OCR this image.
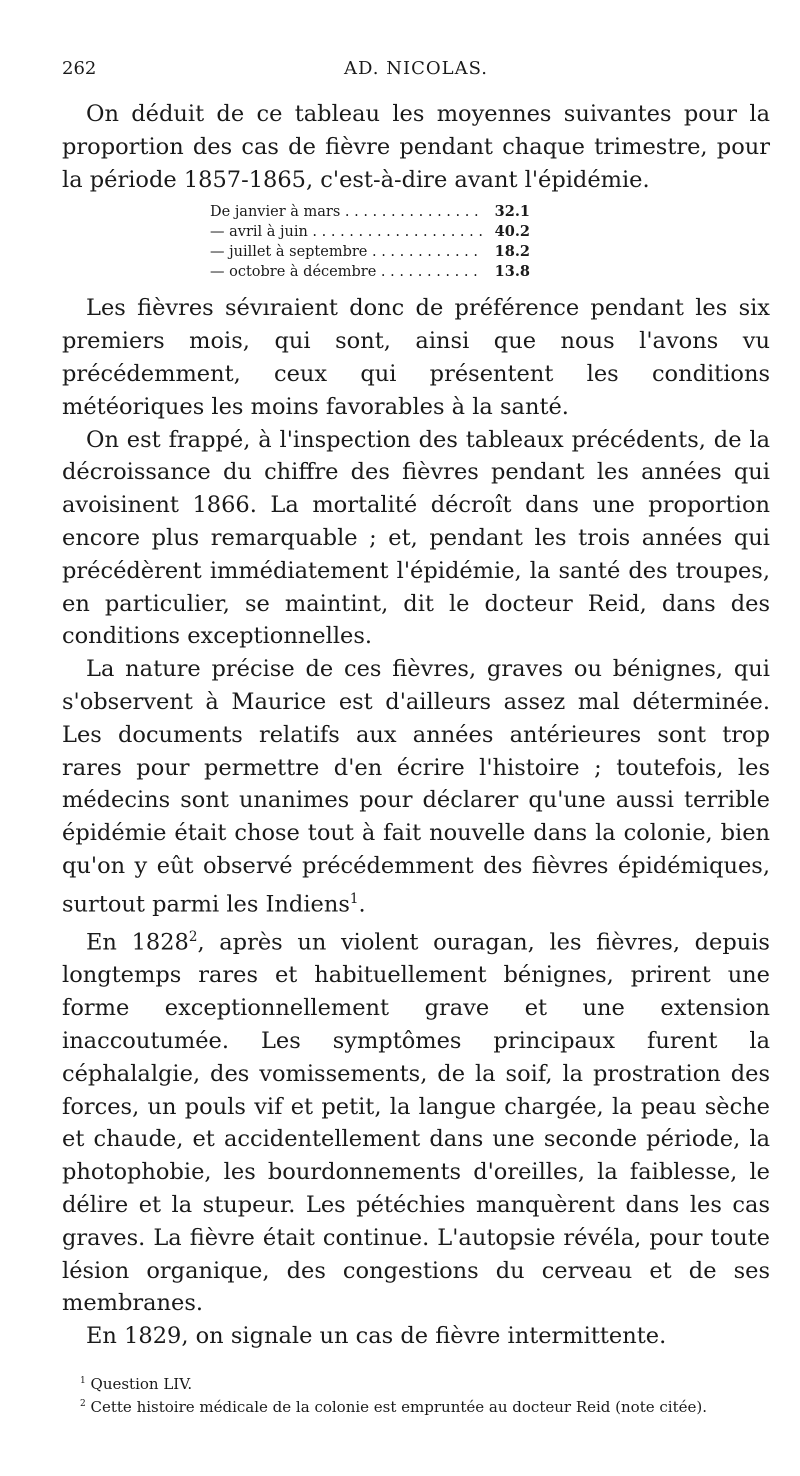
262	AD. NICOLAS.

On déduit de ce tableau les moyennes suivantes pour la proportion des cas de fièvre pendant chaque trimestre, pour la période 1857-1865, c'est-à-dire avant l'épidémie.

De janvier à mars . . .	32.1
— avril à juin . . .	40.2
— juillet à septembre . . .	18.2
— octobre à décembre . . .	13.8

Les fièvres sévıraient donc de préférence pendant les six premiers mois, qui sont, ainsi que nous l'avons vu précédemment, ceux qui présentent les conditions météoriques les moins favorables à la santé.

On est frappé, à l'inspection des tableaux précédents, de la décroissance du chiffre des fièvres pendant les années qui avoisinent 1866. La mortalité décroît dans une proportion encore plus remarquable ; et, pendant les trois années qui précédèrent immédiatement l'épidémie, la santé des troupes, en particulier, se maintint, dit le docteur Reid, dans des conditions exceptionnelles.

La nature précise de ces fièvres, graves ou bénignes, qui s'observent à Maurice est d'ailleurs assez mal déterminée. Les documents relatifs aux années antérieures sont trop rares pour permettre d'en écrire l'histoire ; toutefois, les médecins sont unanimes pour déclarer qu'une aussi terrible épidémie était chose tout à fait nouvelle dans la colonie, bien qu'on y eût observé précédemment des fièvres épidémiques, surtout parmi les Indiens$^1$.

En 1828$^2$, après un violent ouragan, les fièvres, depuis longtemps rares et habituellement bénignes, prirent une forme exceptionnellement grave et une extension inaccoutumée. Les symptômes principaux furent la céphalalgie, des vomissements, de la soif, la prostration des forces, un pouls vif et petit, la langue chargée, la peau sèche et chaude, et accidentellement dans une seconde période, la photophobie, les bourdonnements d'oreilles, la faiblesse, le délire et la stupeur. Les pétéchies manquèrent dans les cas graves. La fièvre était continue. L'autopsie révéla, pour toute lésion organique, des congestions du cerveau et de ses membranes.

En 1829, on signale un cas de fièvre intermittente.

$^1$ Question LIV.
$^2$ Cette histoire médicale de la colonie est empruntée au docteur Reid (note citée).
